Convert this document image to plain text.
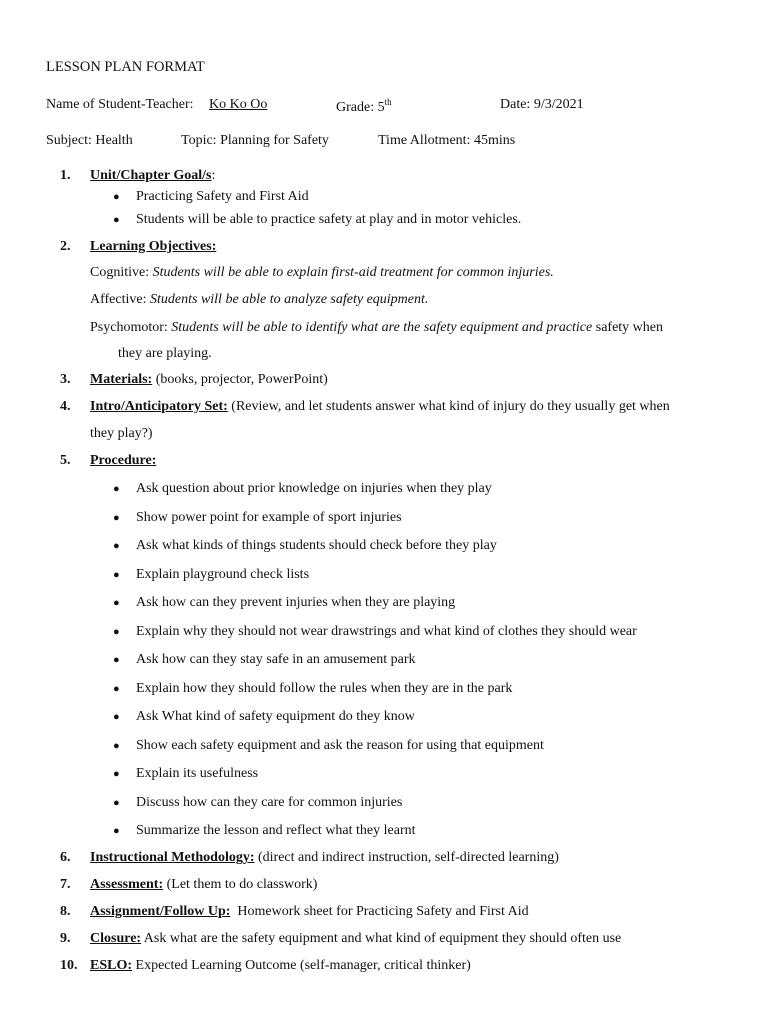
LESSON PLAN FORMAT
Name of Student-Teacher: Ko Ko Oo	Grade: 5th	Date: 9/3/2021
Subject: Health	Topic: Planning for Safety	Time Allotment: 45mins
1.	Unit/Chapter Goal/s:
● Practicing Safety and First Aid
● Students will be able to practice safety at play and in motor vehicles.
2.	Learning Objectives:
Cognitive: Students will be able to explain first-aid treatment for common injuries.
Affective: Students will be able to analyze safety equipment.
Psychomotor: Students will be able to identify what are the safety equipment and practice safety when
they are playing.
3.	Materials: (books, projector, PowerPoint)
4.	Intro/Anticipatory Set: (Review, and let students answer what kind of injury do they usually get when
they play?)
5.	Procedure:
● Ask question about prior knowledge on injuries when they play
● Show power point for example of sport injuries
● Ask what kinds of things students should check before they play
● Explain playground check lists
● Ask how can they prevent injuries when they are playing
● Explain why they should not wear drawstrings and what kind of clothes they should wear
● Ask how can they stay safe in an amusement park
● Explain how they should follow the rules when they are in the park
● Ask What kind of safety equipment do they know
● Show each safety equipment and ask the reason for using that equipment
● Explain its usefulness
● Discuss how can they care for common injuries
● Summarize the lesson and reflect what they learnt
6.	Instructional Methodology: (direct and indirect instruction, self-directed learning)
7.	Assessment: (Let them to do classwork)
8.	Assignment/Follow Up:  Homework sheet for Practicing Safety and First Aid
9.	Closure: Ask what are the safety equipment and what kind of equipment they should often use
10. ESLO: Expected Learning Outcome (self-manager, critical thinker)
